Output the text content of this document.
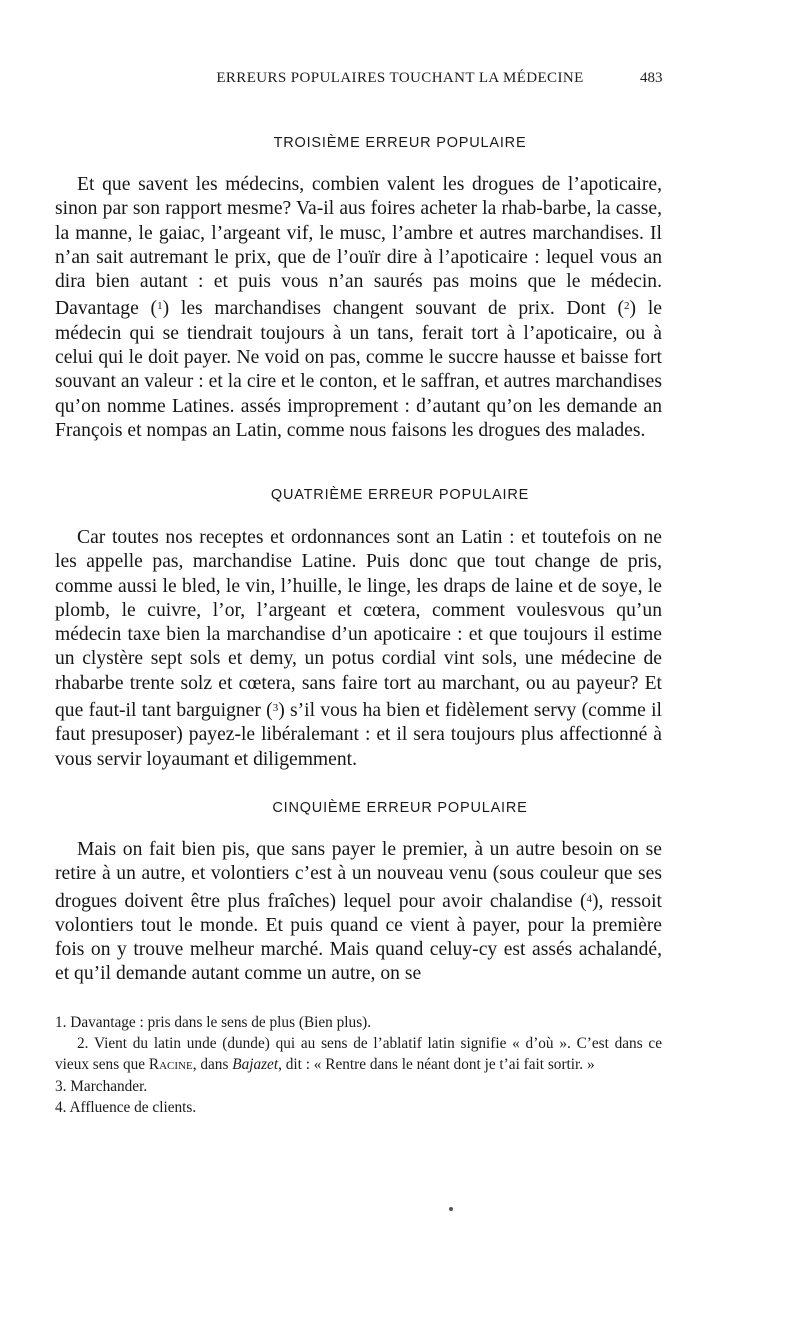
ERREURS POPULAIRES TOUCHANT LA MÉDECINE	483
TROISIÈME ERREUR POPULAIRE

Et que savent les médecins, combien valent les drogues de l’apoticaire, sinon par son rapport mesme? Va-il aus foires acheter la rhab-barbe, la casse, la manne, le gaiac, l’argeant vif, le musc, l’ambre et autres marchandises. Il n’an sait autremant le prix, que de l’ouïr dire à l’apoticaire : lequel vous an dira bien autant : et puis vous n’an saurés pas moins que le médecin. Davantage ($^1$) les marchandises changent souvant de prix. Dont ($^2$) le médecin qui se tiendrait toujours à un tans, ferait tort à l’apoticaire, ou à celui qui le doit payer. Ne void on pas, comme le succre hausse et baisse fort souvant an valeur : et la cire et le conton, et le saffran, et autres marchandises qu’on nomme Latines. assés improprement : d’autant qu’on les demande an François et nompas an Latin, comme nous faisons les drogues des malades.

QUATRIÈME ERREUR POPULAIRE

Car toutes nos receptes et ordonnances sont an Latin : et toutefois on ne les appelle pas, marchandise Latine. Puis donc que tout change de pris, comme aussi le bled, le vin, l’huille, le linge, les draps de laine et de soye, le plomb, le cuivre, l’or, l’argeant et cœtera, comment voulesvous qu’un médecin taxe bien la marchandise d’un apoticaire : et que toujours il estime un clystère sept sols et demy, un potus cordial vint sols, une médecine de rhabarbe trente solz et cœtera, sans faire tort au marchant, ou au payeur? Et que faut-il tant barguigner ($^3$) s’il vous ha bien et fidèlement servy (comme il faut presuposer) payez-le libéralemant : et il sera toujours plus affectionné à vous servir loyaumant et diligemment.

CINQUIÈME ERREUR POPULAIRE

Mais on fait bien pis, que sans payer le premier, à un autre besoin on se retire à un autre, et volontiers c’est à un nouveau venu (sous couleur que ses drogues doivent être plus fraîches) lequel pour avoir chalandise ($^4$), ressoit volontiers tout le monde. Et puis quand ce vient à payer, pour la première fois on y trouve melheur marché. Mais quand celuy-cy est assés achalandé, et qu’il demande autant comme un autre, on se

1. Davantage : pris dans le sens de plus (Bien plus).

2. Vient du latin unde (dunde) qui au sens de l’ablatif latin signifie « d’où ». C’est dans ce vieux sens que Racine, dans Bajazet, dit : « Rentre dans le néant dont je t’ai fait sortir. »

3. Marchander.

4. Affluence de clients.
